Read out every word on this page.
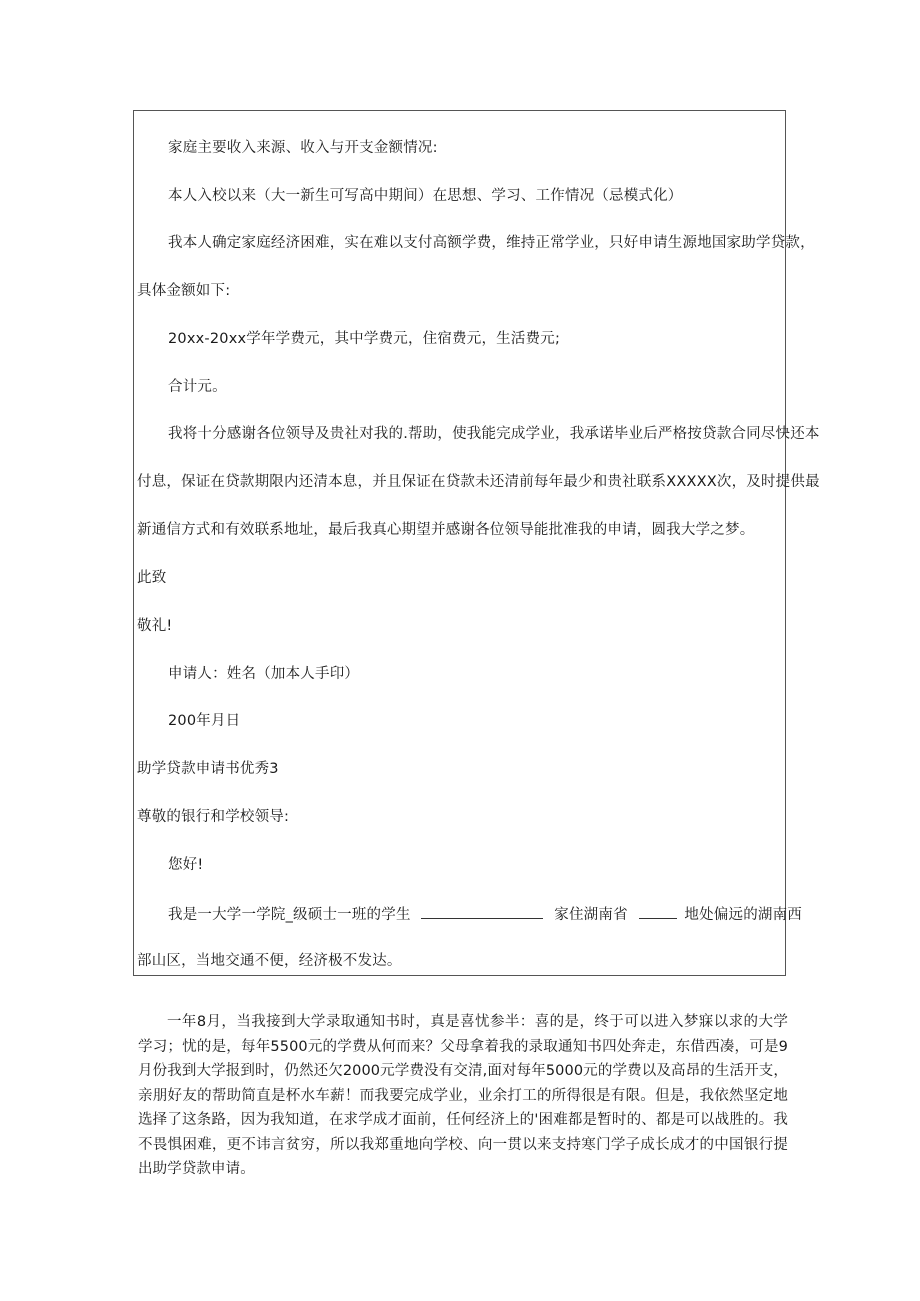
家庭主要收入来源、收入与开支金额情况:
本人入校以来（大一新生可写高中期间）在思想、学习、工作情况（忌模式化）
我本人确定家庭经济困难，实在难以支付高额学费，维持正常学业，只好申请生源地国家助学贷款，
具体金额如下:
20xx-20xx学年学费元，其中学费元，住宿费元，生活费元;
合计元。
我将十分感谢各位领导及贵社对我的.帮助，使我能完成学业，我承诺毕业后严格按贷款合同尽快还本
付息，保证在贷款期限内还清本息，并且保证在贷款未还清前每年最少和贵社联系XXXXX次，及时提供最
新通信方式和有效联系地址，最后我真心期望并感谢各位领导能批准我的申请，圆我大学之梦。
此致
敬礼!
申请人：姓名（加本人手印）
200年月日
助学贷款申请书优秀3
尊敬的银行和学校领导:
您好!
我是一大学一学院_级硕士一班的学生	家住湖南省	地处偏远的湖南西
部山区，当地交通不便，经济极不发达。

一年8月，当我接到大学录取通知书时，真是喜忧参半：喜的是，终于可以进入梦寐以求的大学学习；忧的是，每年5500元的学费从何而来？父母拿着我的录取通知书四处奔走，东借西凑，可是9月份我到大学报到时，仍然还欠2000元学费没有交清,面对每年5000元的学费以及高昂的生活开支，亲朋好友的帮助简直是杯水车薪！而我要完成学业，业余打工的所得很是有限。但是，我依然坚定地选择了这条路，因为我知道，在求学成才面前，任何经济上的'困难都是暂时的、都是可以战胜的。我不畏惧困难，更不讳言贫穷，所以我郑重地向学校、向一贯以来支持寒门学子成长成才的中国银行提出助学贷款申请。
